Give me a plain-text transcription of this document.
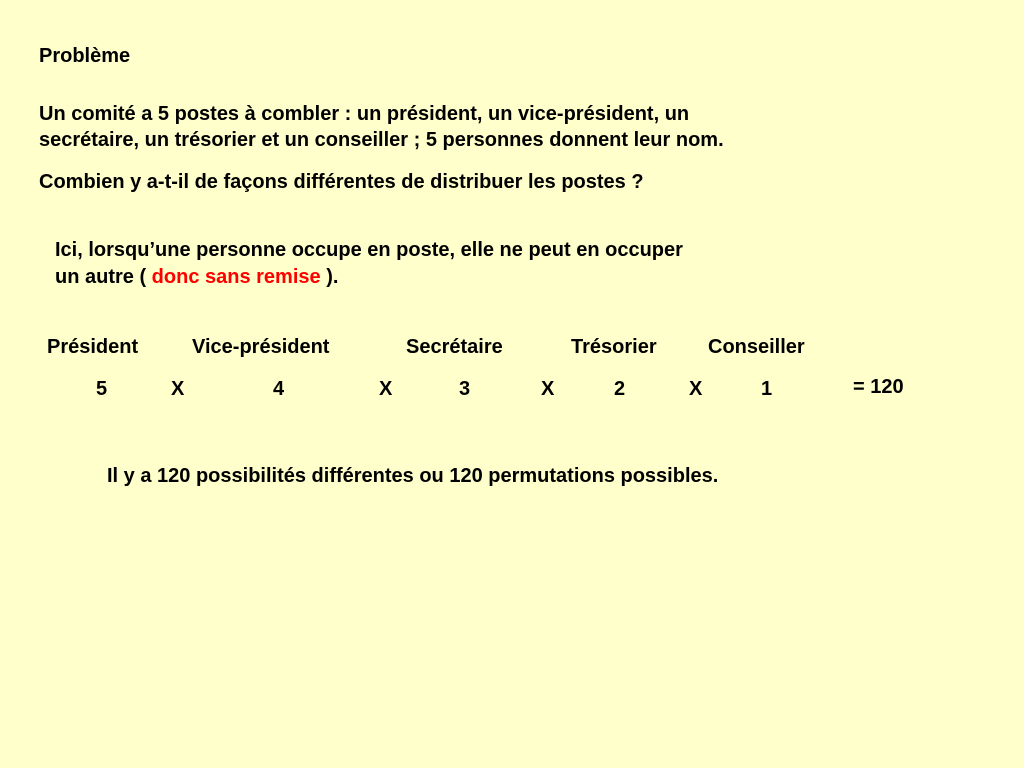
Problème
Un comité a 5 postes à combler : un président, un vice-président, un
secrétaire, un trésorier et un conseiller ; 5 personnes donnent leur nom.
Combien y a-t-il de façons différentes de distribuer les postes ?
Ici, lorsqu’une personne occupe en poste, elle ne peut en occuper
un autre ( donc sans remise ).
Président	Vice-président	Secrétaire	Trésorier	Conseiller
5	X	4	X	3	X	2	X	1	= 120
Il y a 120 possibilités différentes ou 120 permutations possibles.
